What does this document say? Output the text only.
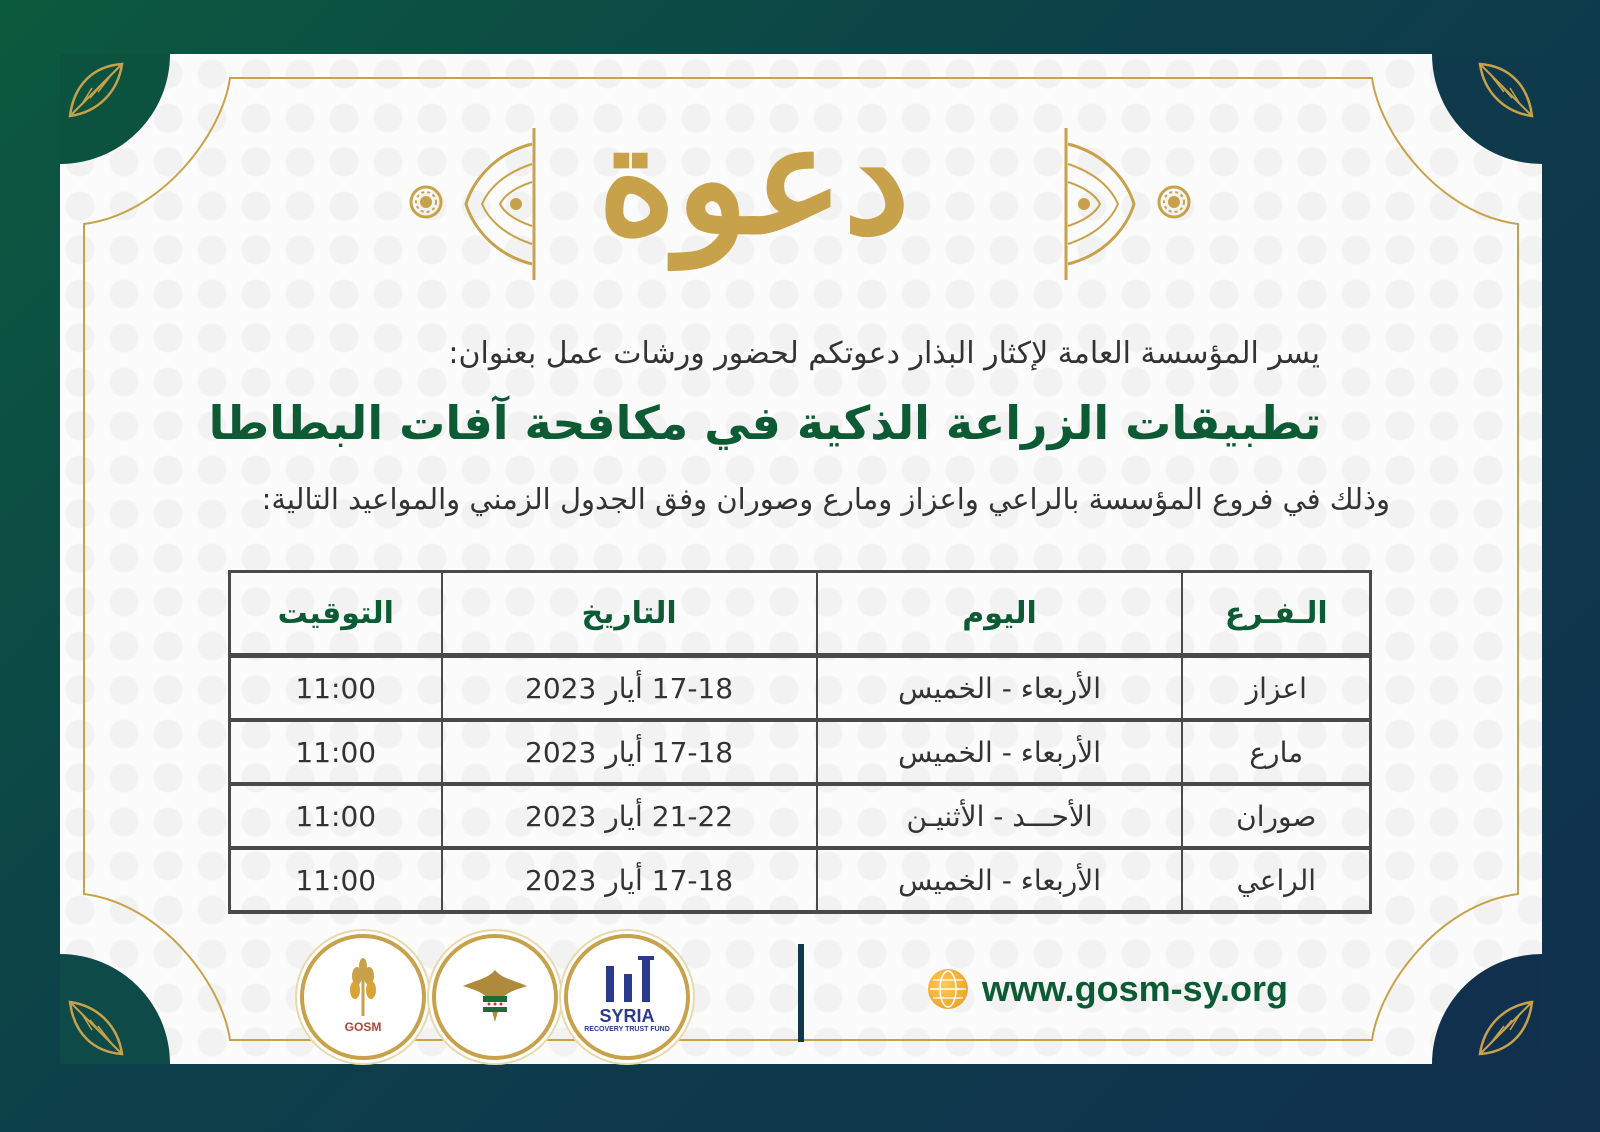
دعوة
يسر المؤسسة العامة لإكثار البذار دعوتكم لحضور ورشات عمل بعنوان:
تطبيقات الزراعة الذكية في مكافحة آفات البطاطا
وذلك في فروع المؤسسة بالراعي واعزاز ومارع وصوران وفق الجدول الزمني والمواعيد التالية:
الـفـرع	اليوم	التاريخ	التوقيت
اعزاز	الأربعاء - الخميس	17-18 أيار 2023	11:00
مارع	الأربعاء - الخميس	17-18 أيار 2023	11:00
صوران	الأحـــد - الأثنيـن	21-22 أيار 2023	11:00
الراعي	الأربعاء - الخميس	17-18 أيار 2023	11:00
GOSM
SYRIA
RECOVERY TRUST FUND
www.gosm-sy.org
